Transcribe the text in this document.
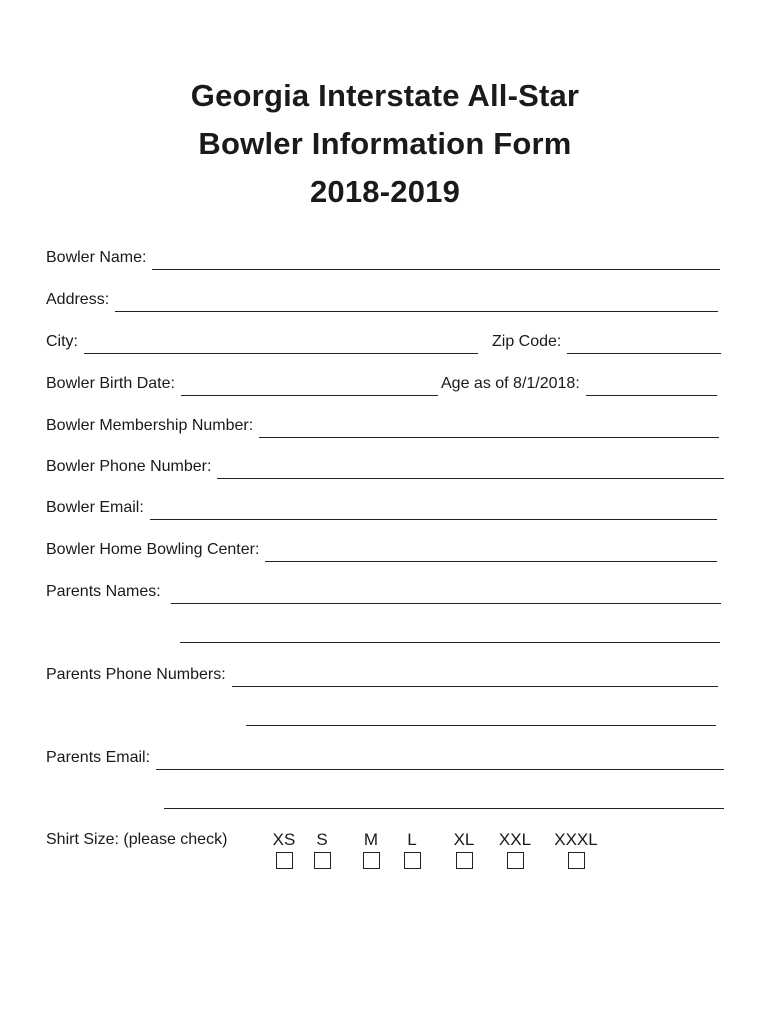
Georgia Interstate All-Star
Bowler Information Form
2018-2019
Bowler Name:
Address:
City:	Zip Code:
Bowler Birth Date:	Age as of 8/1/2018:
Bowler Membership Number:
Bowler Phone Number:
Bowler Email:
Bowler Home Bowling Center:
Parents Names:
Parents Phone Numbers:
Parents Email:
Shirt Size: (please check)	XS	S	M	L	XL	XXL	XXXL
